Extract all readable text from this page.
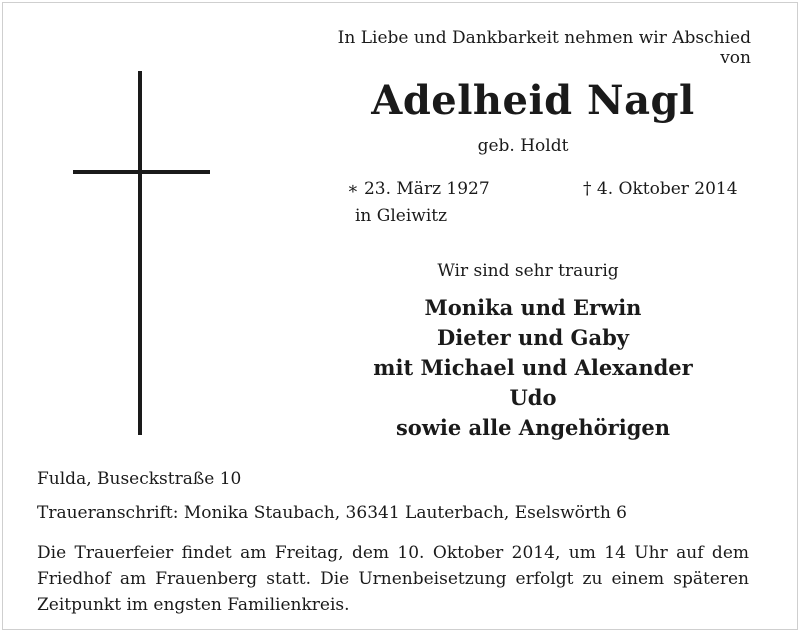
In Liebe und Dankbarkeit nehmen wir Abschied von
Adelheid Nagl
geb. Holdt
∗ 23. März 1927	† 4. Oktober 2014
in Gleiwitz
Wir sind sehr traurig
Monika und Erwin
Dieter und Gaby
mit Michael und Alexander
Udo
sowie alle Angehörigen
Fulda, Buseckstraße 10
Traueranschrift: Monika Staubach, 36341 Lauterbach, Eselswörth 6
Die Trauerfeier findet am Freitag, dem 10. Oktober 2014, um 14 Uhr auf dem Friedhof am Frauenberg statt. Die Urnenbeisetzung erfolgt zu einem späteren Zeitpunkt im engsten Familienkreis.
